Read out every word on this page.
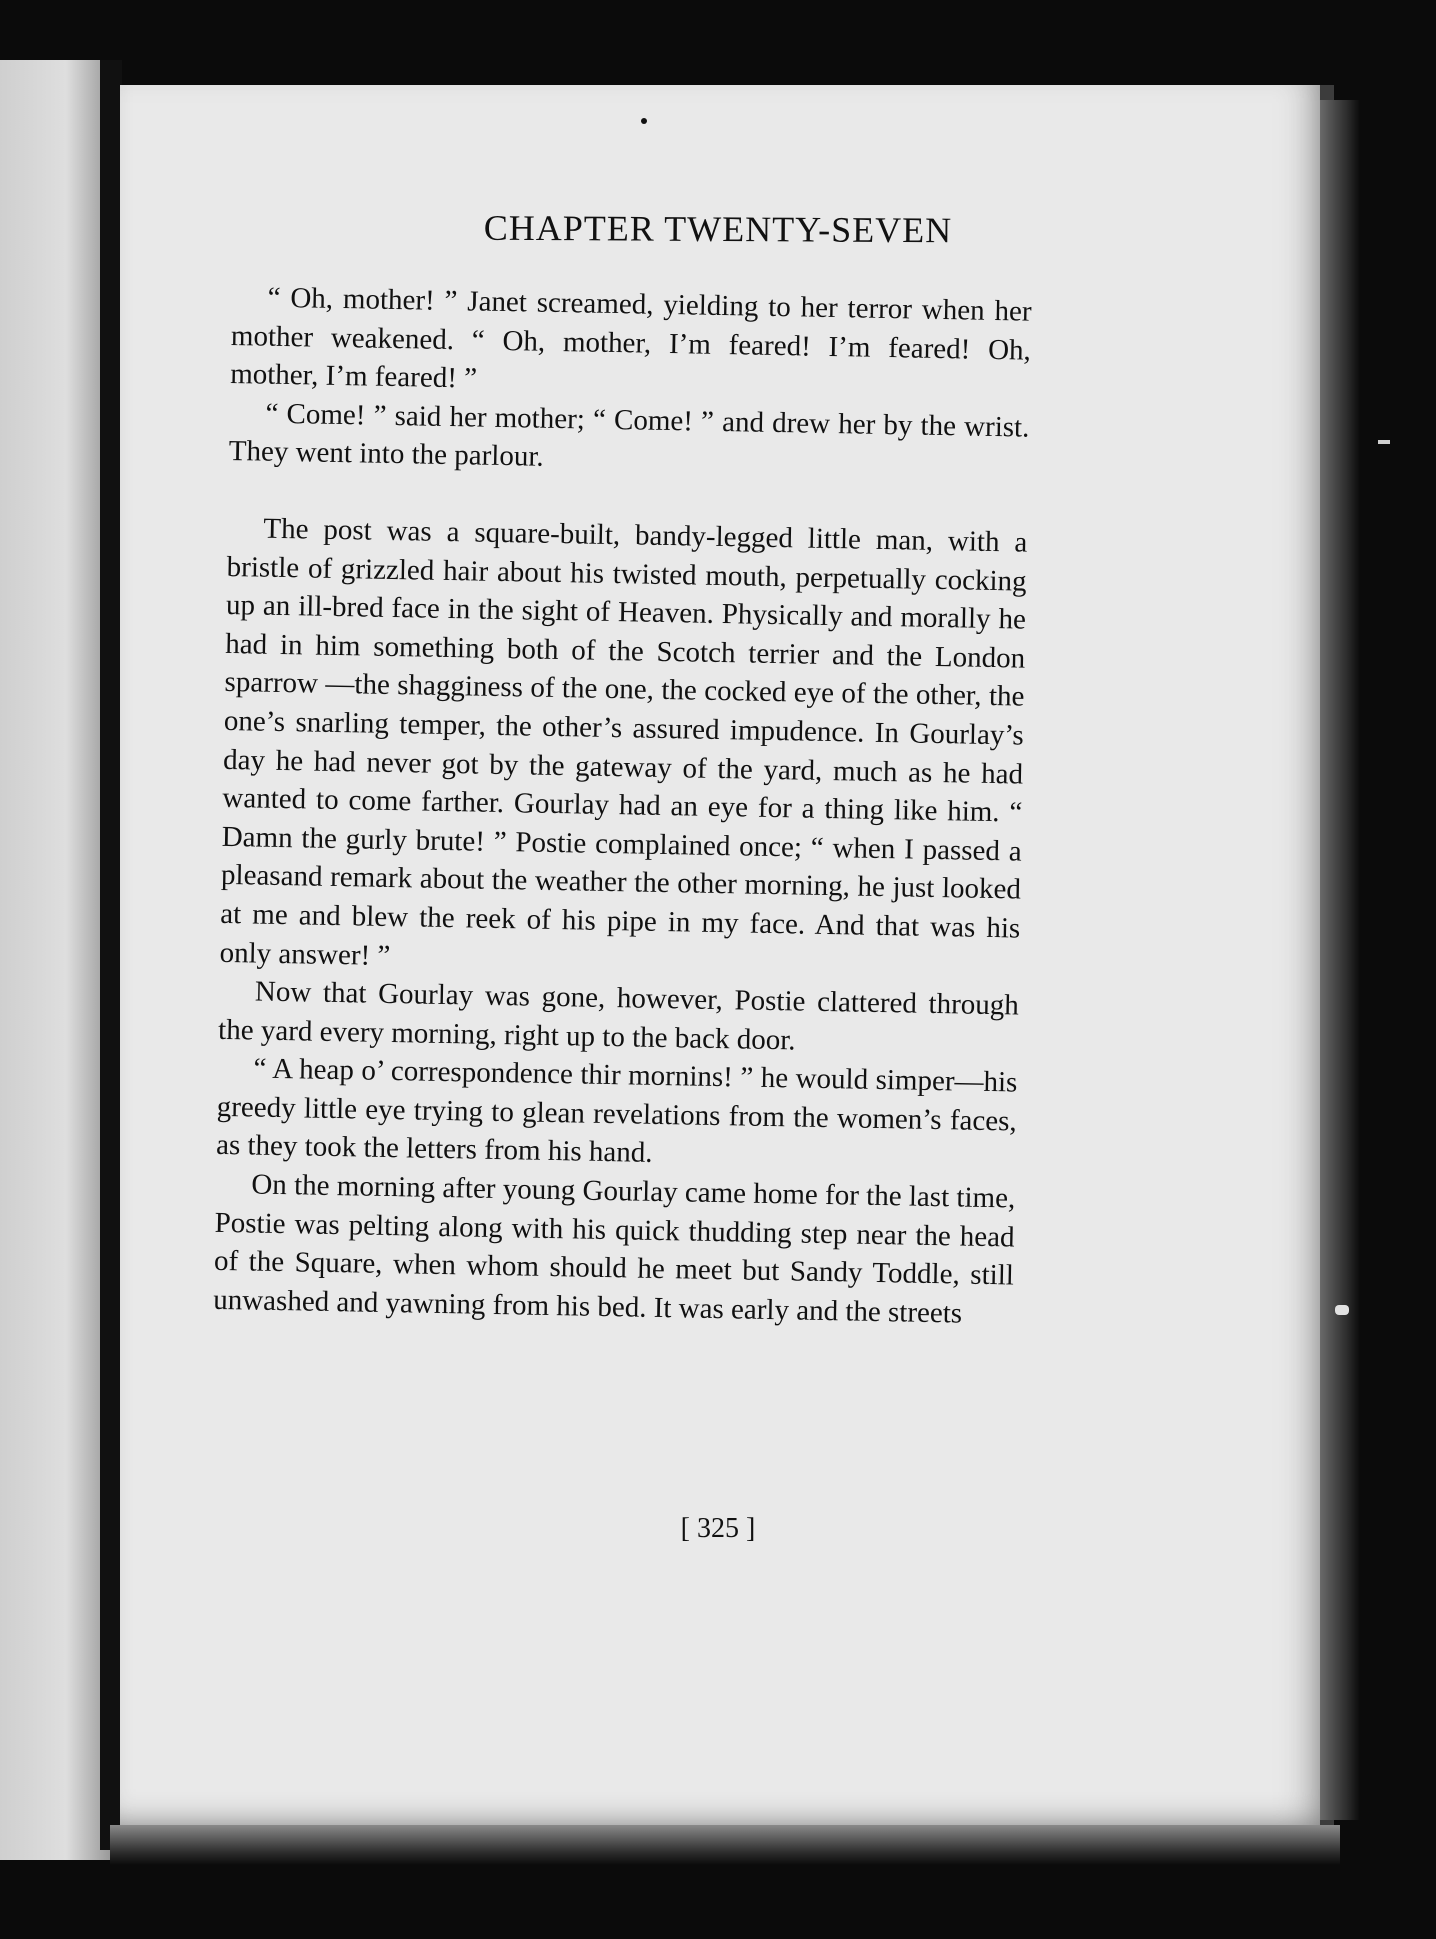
CHAPTER TWENTY-SEVEN

“ Oh, mother! ” Janet screamed, yielding to her terror when her mother weakened. “ Oh, mother, I’m feared! I’m feared! Oh, mother, I’m feared! ”

“ Come! ” said her mother; “ Come! ” and drew her by the wrist. They went into the parlour.

The post was a square-built, bandy-legged little man, with a bristle of grizzled hair about his twisted mouth, perpetually cocking up an ill-bred face in the sight of Heaven. Physically and morally he had in him something both of the Scotch terrier and the London sparrow —the shagginess of the one, the cocked eye of the other, the one’s snarling temper, the other’s assured impudence. In Gourlay’s day he had never got by the gateway of the yard, much as he had wanted to come farther. Gourlay had an eye for a thing like him. “ Damn the gurly brute! ” Postie complained once; “ when I passed a pleasand remark about the weather the other morning, he just looked at me and blew the reek of his pipe in my face. And that was his only answer! ”

Now that Gourlay was gone, however, Postie clattered through the yard every morning, right up to the back door.

“ A heap o’ correspondence thir mornins! ” he would simper—his greedy little eye trying to glean revelations from the women’s faces, as they took the letters from his hand.

On the morning after young Gourlay came home for the last time, Postie was pelting along with his quick thudding step near the head of the Square, when whom should he meet but Sandy Toddle, still unwashed and yawning from his bed. It was early and the streets

[ 325 ]
